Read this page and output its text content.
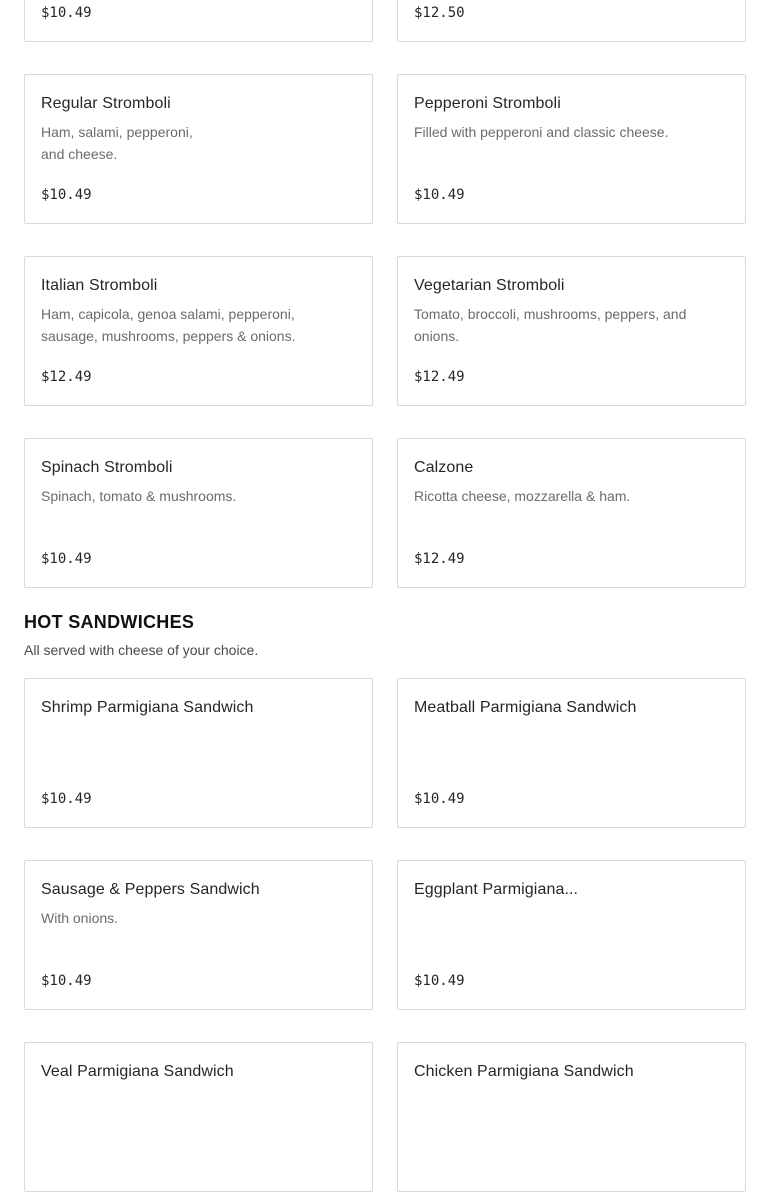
$10.49	$12.50
Regular Stromboli
Ham, salami, pepperoni, and cheese.
$10.49
Pepperoni Stromboli
Filled with pepperoni and classic cheese.
$10.49
Italian Stromboli
Ham, capicola, genoa salami, pepperoni, sausage, mushrooms, peppers & onions.
$12.49
Vegetarian Stromboli
Tomato, broccoli, mushrooms, peppers, and onions.
$12.49
Spinach Stromboli
Spinach, tomato & mushrooms.
$10.49
Calzone
Ricotta cheese, mozzarella & ham.
$12.49
HOT SANDWICHES
All served with cheese of your choice.
Shrimp Parmigiana Sandwich
$10.49
Meatball Parmigiana Sandwich
$10.49
Sausage & Peppers Sandwich
With onions.
$10.49
Eggplant Parmigiana...
$10.49
Veal Parmigiana Sandwich	Chicken Parmigiana Sandwich
